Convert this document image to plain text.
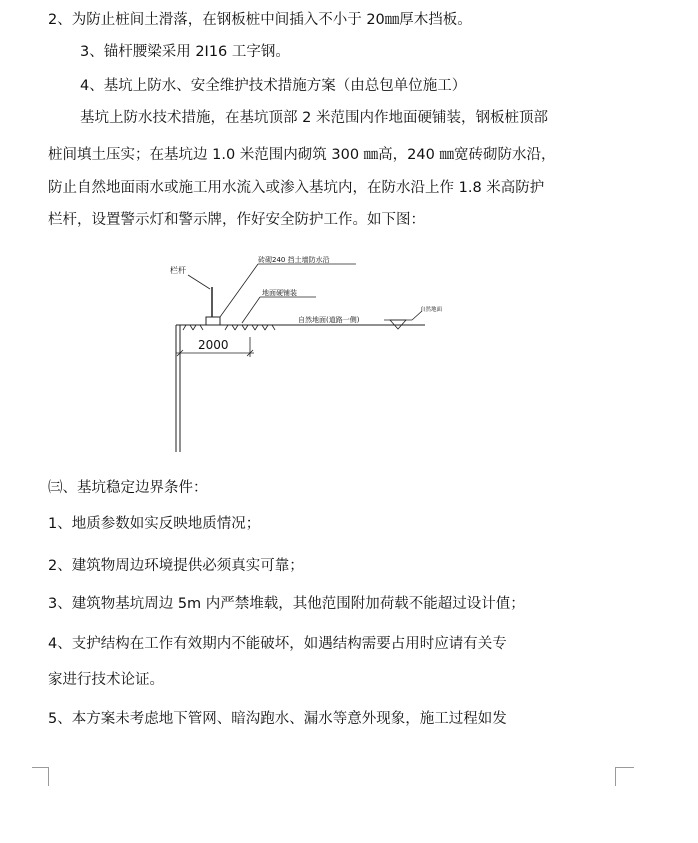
2、为防止桩间土滑落，在钢板桩中间插入不小于 20㎜厚木挡板。
3、锚杆腰梁采用 2I16 工字钢。
4、基坑上防水、安全维护技术措施方案（由总包单位施工）
基坑上防水技术措施，在基坑顶部 2 米范围内作地面硬铺装，钢板桩顶部
桩间填土压实；在基坑边 1.0 米范围内砌筑 300 ㎜高，240 ㎜宽砖砌防水沿，
防止自然地面雨水或施工用水流入或渗入基坑内，在防水沿上作 1.8 米高防护
栏杆，设置警示灯和警示牌，作好安全防护工作。如下图：
栏杆
砖砌240 挡土墙防水沿
地面硬铺装
自然地面(道路一侧)
自然地面
2000
㈢、基坑稳定边界条件：
1、地质参数如实反映地质情况；
2、建筑物周边环境提供必须真实可靠；
3、建筑物基坑周边 5m 内严禁堆载，其他范围附加荷载不能超过设计值；
4、支护结构在工作有效期内不能破坏，如遇结构需要占用时应请有关专
家进行技术论证。
5、本方案未考虑地下管网、暗沟跑水、漏水等意外现象，施工过程如发
